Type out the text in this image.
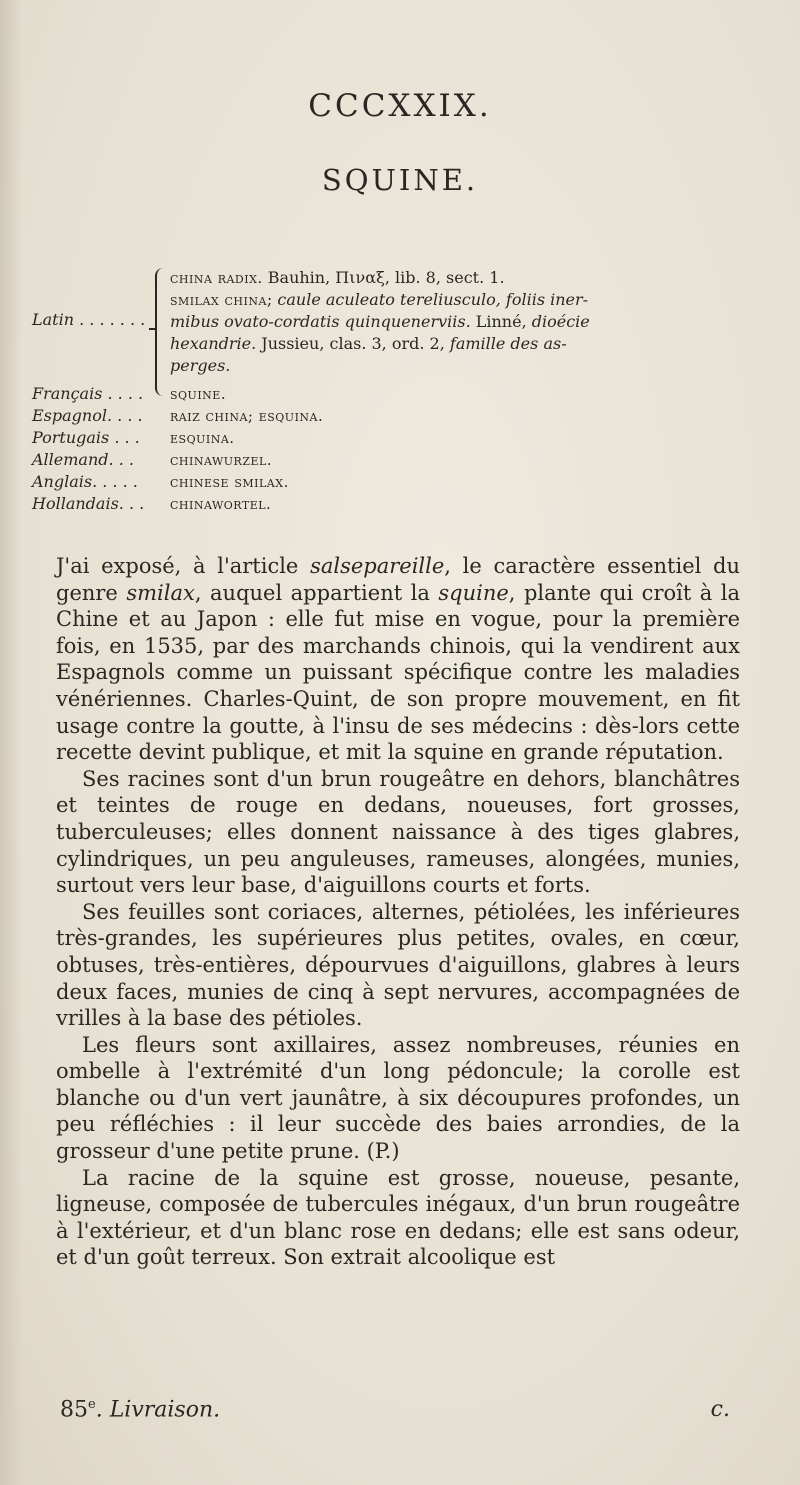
CCCXXIX.
SQUINE.
Latin . . . . . . .
china radix. Bauhin, Πιναξ, lib. 8, sect. 1.
smilax china; caule aculeato tereliusculo, foliis iner-
mibus ovato-cordatis quinquenerviis. Linné, dioécie
hexandrie. Jussieu, clas. 3, ord. 2, famille des as-
perges.
Français . . . . squine.
Espagnol. . . . raiz china; esquina.
Portugais . . . esquina.
Allemand. . . chinawurzel.
Anglais. . . . . chinese smilax.
Hollandais. . . chinawortel.

J'ai exposé, à l'article salsepareille, le caractère essentiel du genre smilax, auquel appartient la squine, plante qui croît à la Chine et au Japon : elle fut mise en vogue, pour la première fois, en 1535, par des marchands chinois, qui la vendirent aux Espagnols comme un puissant spécifique contre les maladies vénériennes. Charles-Quint, de son propre mouvement, en fit usage contre la goutte, à l'insu de ses médecins : dès-lors cette recette devint publique, et mit la squine en grande réputation.

Ses racines sont d'un brun rougeâtre en dehors, blanchâtres et teintes de rouge en dedans, noueuses, fort grosses, tuberculeuses; elles donnent naissance à des tiges glabres, cylindriques, un peu anguleuses, rameuses, alongées, munies, surtout vers leur base, d'aiguillons courts et forts.

Ses feuilles sont coriaces, alternes, pétiolées, les inférieures très-grandes, les supérieures plus petites, ovales, en cœur, obtuses, très-entières, dépourvues d'aiguillons, glabres à leurs deux faces, munies de cinq à sept nervures, accompagnées de vrilles à la base des pétioles.

Les fleurs sont axillaires, assez nombreuses, réunies en ombelle à l'extrémité d'un long pédoncule; la corolle est blanche ou d'un vert jaunâtre, à six découpures profondes, un peu réfléchies : il leur succède des baies arrondies, de la grosseur d'une petite prune. (P.)

La racine de la squine est grosse, noueuse, pesante, ligneuse, composée de tubercules inégaux, d'un brun rougeâtre à l'extérieur, et d'un blanc rose en dedans; elle est sans odeur, et d'un goût terreux. Son extrait alcoolique est

85e. Livraison.	c.
